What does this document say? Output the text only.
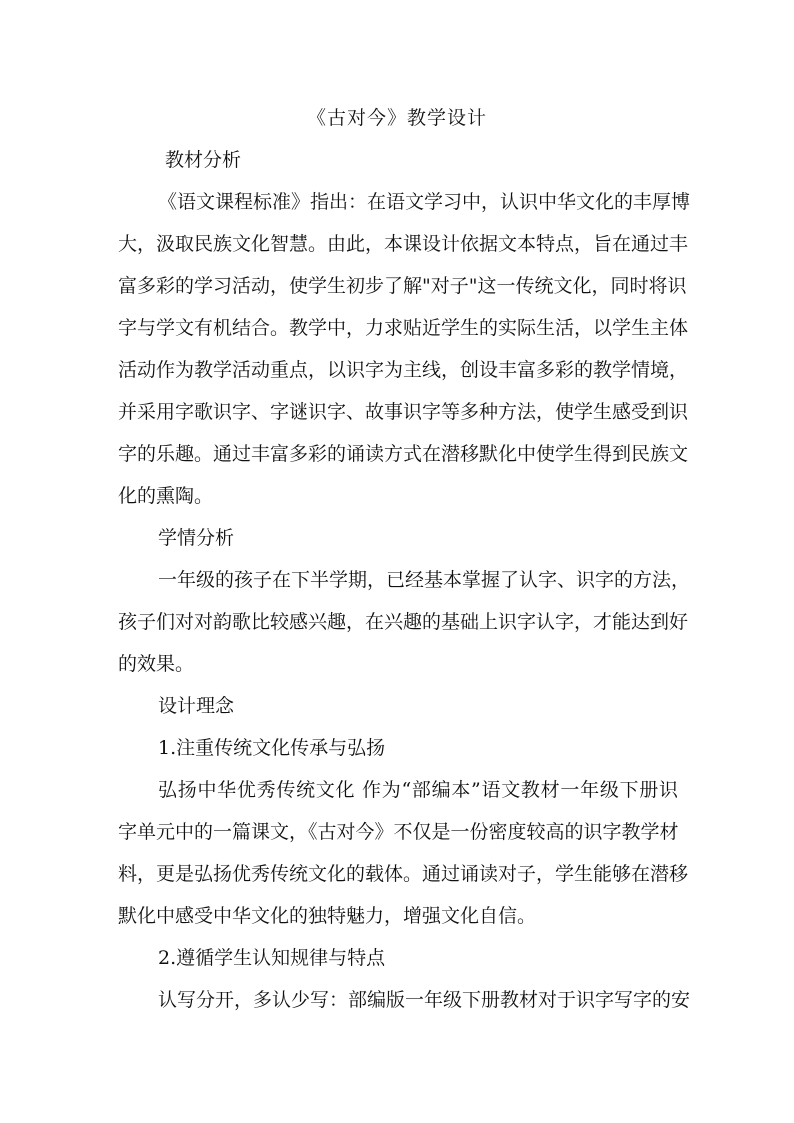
《古对今》教学设计
教材分析
《语文课程标准》指出：在语文学习中，认识中华文化的丰厚博
大，汲取民族文化智慧。由此，本课设计依据文本特点，旨在通过丰
富多彩的学习活动，使学生初步了解"对子"这一传统文化，同时将识
字与学文有机结合。教学中，力求贴近学生的实际生活，以学生主体
活动作为教学活动重点，以识字为主线，创设丰富多彩的教学情境，
并采用字歌识字、字谜识字、故事识字等多种方法，使学生感受到识
字的乐趣。通过丰富多彩的诵读方式在潜移默化中使学生得到民族文
化的熏陶。
学情分析
一年级的孩子在下半学期，已经基本掌握了认字、识字的方法，
孩子们对对韵歌比较感兴趣，在兴趣的基础上识字认字，才能达到好
的效果。
设计理念
1.注重传统文化传承与弘扬
弘扬中华优秀传统文化 作为“部编本”语文教材一年级下册识
字单元中的一篇课文，《古对今》不仅是一份密度较高的识字教学材
料，更是弘扬优秀传统文化的载体。通过诵读对子，学生能够在潜移
默化中感受中华文化的独特魅力，增强文化自信。
2.遵循学生认知规律与特点
认写分开，多认少写：部编版一年级下册教材对于识字写字的安
